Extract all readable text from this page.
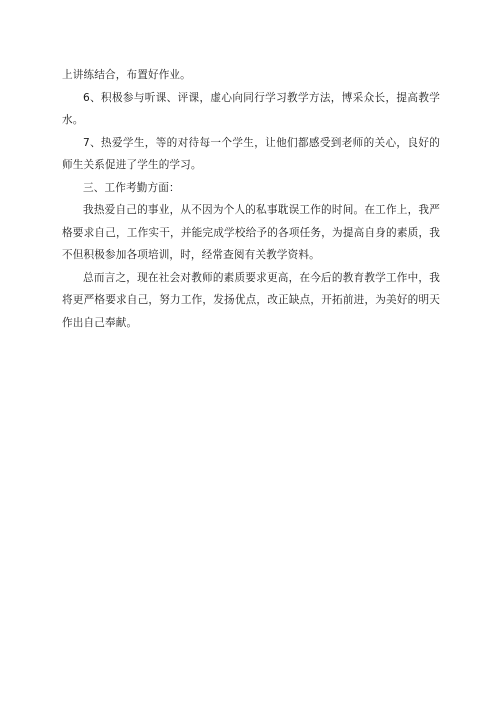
上讲练结合，布置好作业。

6、积极参与听课、评课，虚心向同行学习教学方法，博采众长，提高教学水。

7、热爱学生，等的对待每一个学生，让他们都感受到老师的关心，良好的师生关系促进了学生的学习。

三、工作考勤方面：

我热爱自己的事业，从不因为个人的私事耽误工作的时间。在工作上，我严格要求自己，工作实干，并能完成学校给予的各项任务，为提高自身的素质，我不但积极参加各项培训，时，经常查阅有关教学资料。

总而言之，现在社会对教师的素质要求更高，在今后的教育教学工作中，我将更严格要求自己，努力工作，发扬优点，改正缺点，开拓前进，为美好的明天作出自己奉献。
